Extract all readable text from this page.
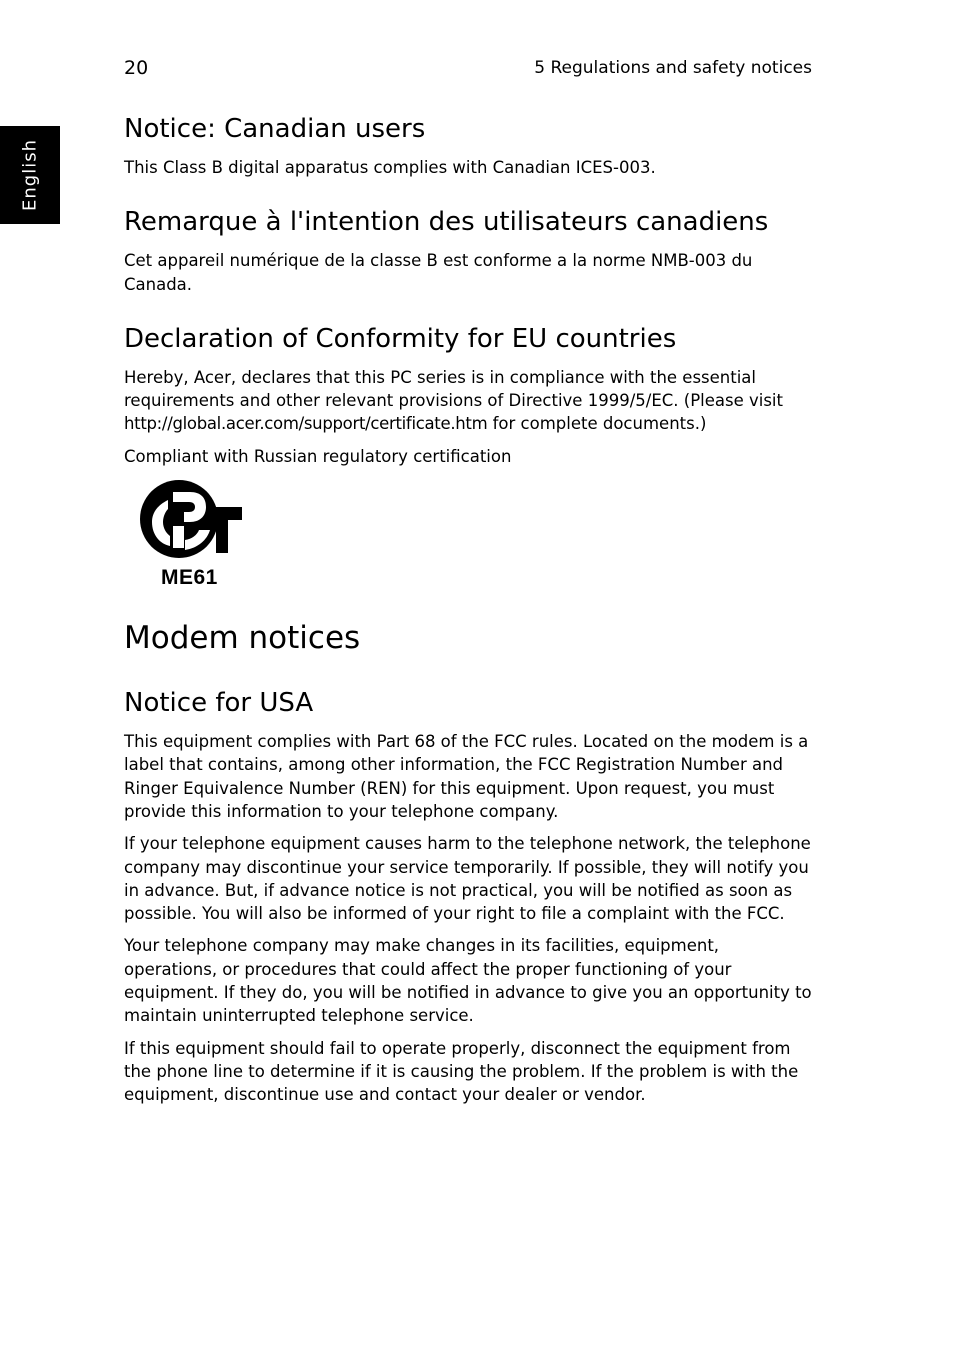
20	5 Regulations and safety notices
English
Notice: Canadian users

This Class B digital apparatus complies with Canadian ICES-003.

Remarque à l'intention des utilisateurs canadiens

Cet appareil numérique de la classe B est conforme a la norme NMB-003 du Canada.

Declaration of Conformity for EU countries

Hereby, Acer, declares that this PC series is in compliance with the essential requirements and other relevant provisions of Directive 1999/5/EC. (Please visit http://global.acer.com/support/certificate.htm for complete documents.)

Compliant with Russian regulatory certification

ME61
Modem notices
Notice for USA

This equipment complies with Part 68 of the FCC rules. Located on the modem is a label that contains, among other information, the FCC Registration Number and Ringer Equivalence Number (REN) for this equipment. Upon request, you must provide this information to your telephone company.

If your telephone equipment causes harm to the telephone network, the telephone company may discontinue your service temporarily. If possible, they will notify you in advance. But, if advance notice is not practical, you will be notified as soon as possible. You will also be informed of your right to file a complaint with the FCC.

Your telephone company may make changes in its facilities, equipment, operations, or procedures that could affect the proper functioning of your equipment. If they do, you will be notified in advance to give you an opportunity to maintain uninterrupted telephone service.

If this equipment should fail to operate properly, disconnect the equipment from the phone line to determine if it is causing the problem. If the problem is with the equipment, discontinue use and contact your dealer or vendor.
